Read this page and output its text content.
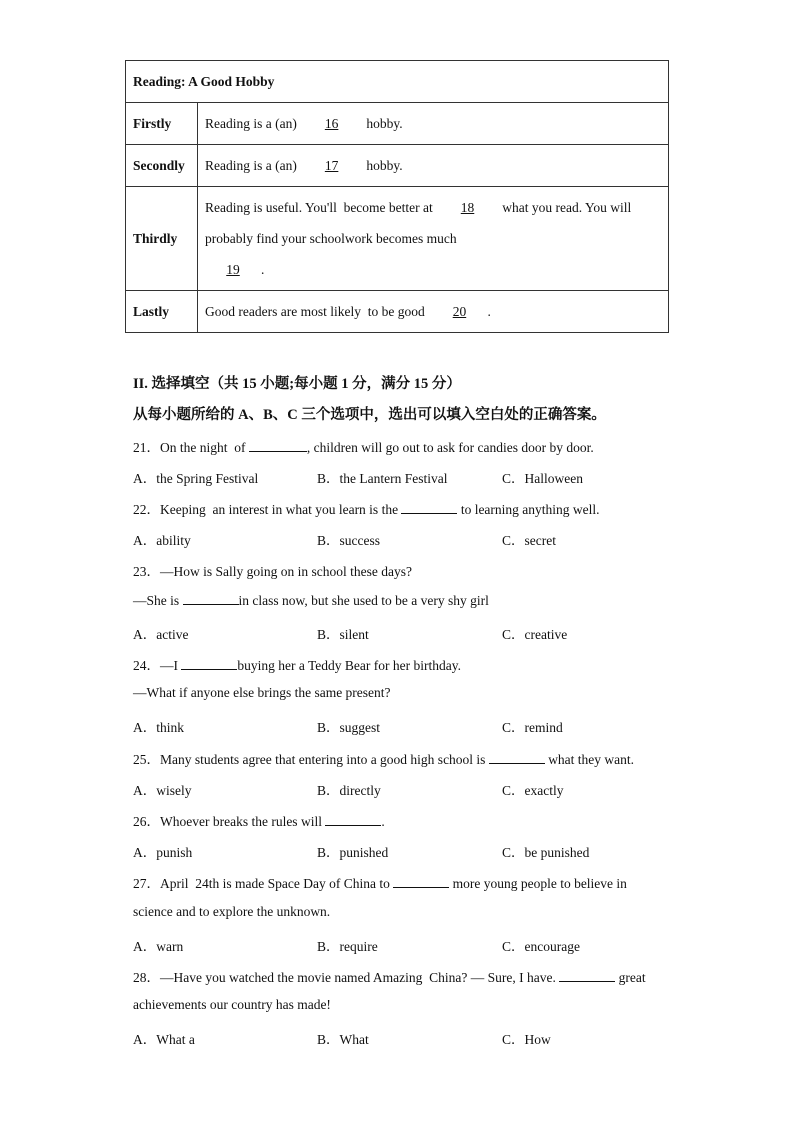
Reading: A Good Hobby	
Firstly	Reading is a (an)  16  hobby.
Secondly	Reading is a (an)  17  hobby.
Thirdly	Reading is useful. You'll  become better at  18  what you read. You will
probably find your schoolwork becomes much
19 .

Lastly	Good readers are most likely  to be good  20 .
II. 选择填空（共 15 小题;每小题 1 分，满分 15 分）
从每小题所给的 A、B、C 三个选项中，选出可以填入空白处的正确答案。
21．On the night  of	, children will go out to ask for candies door by door.
A．the Spring Festival	B．the Lantern Festival	C．Halloween
22．Keeping  an interest in what you learn is the	to learning anything well.
A．ability	B．success	C．secret
23．—How is Sally going on in school these days?
—She is	in class now, but she used to be a very shy girl
A．active	B．silent	C．creative
24．—I	buying her a Teddy Bear for her birthday.
—What if anyone else brings the same present?
A．think	B．suggest	C．remind
25．Many students agree that entering into a good high school is	what they want.
A．wisely	B．directly	C．exactly
26．Whoever breaks the rules will	.
A．punish	B．punished	C．be punished
27．April  24th is made Space Day of China to	more young people to believe in
science and to explore the unknown.
A．warn	B．require	C．encourage
28．—Have you watched the movie named Amazing  China? — Sure, I have.	great
achievements our country has made!
A．What a	B．What	C．How
